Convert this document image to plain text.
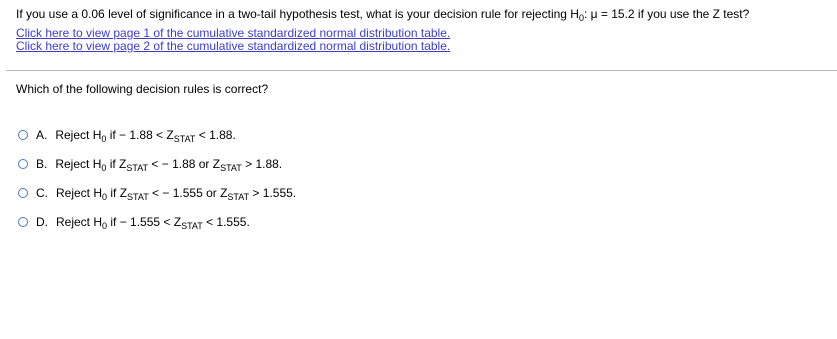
If you use a 0.06 level of significance in a two-tail hypothesis test, what is your decision rule for rejecting $H_0$: μ = 15.2 if you use the Z test?
Click here to view page 1 of the cumulative standardized normal distribution table.
Click here to view page 2 of the cumulative standardized normal distribution table.
Which of the following decision rules is correct?
A. Reject $H_0$ if − $1.88 < Z_{STAT} < 1.88$.
B. Reject $H_0$ if $Z_{STAT}$ < − 1.88 or $Z_{STAT} > 1.88$.
C. Reject $H_0$ if $Z_{STAT}$ < − 1.555 or $Z_{STAT} > 1.555$.
D. Reject $H_0$ if − $1.555 < Z_{STAT} < 1.555$.
